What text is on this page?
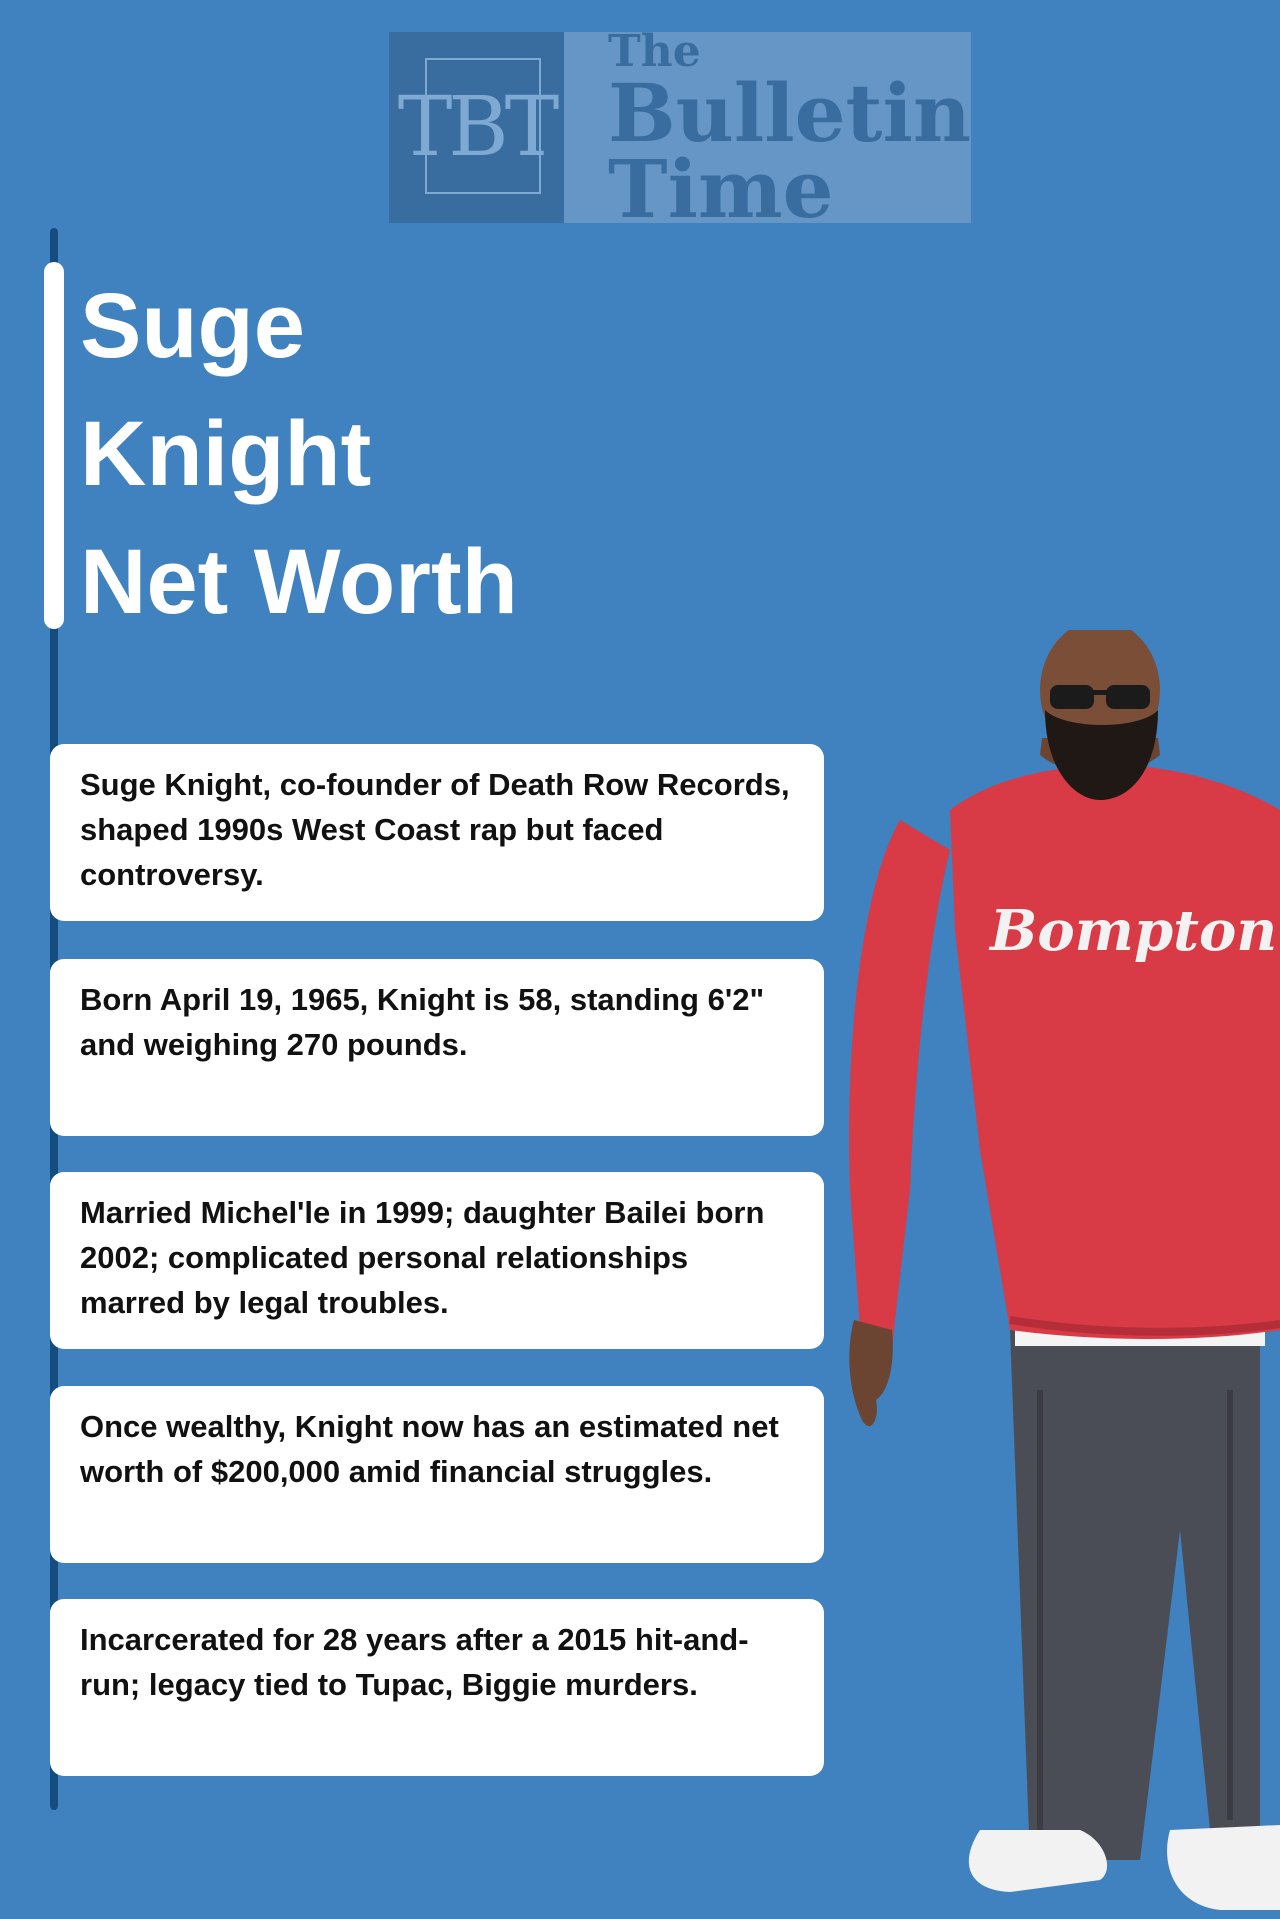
TBT
The
Bulletin
Time
Suge
Knight
Net Worth

Suge Knight, co-founder of Death Row Records, shaped 1990s West Coast rap but faced controversy.

Born April 19, 1965, Knight is 58, standing 6'2" and weighing 270 pounds.

Married Michel'le in 1999; daughter Bailei born 2002; complicated personal relationships marred by legal troubles.

Once wealthy, Knight now has an estimated net worth of $200,000 amid financial struggles.

Incarcerated for 28 years after a 2015 hit-and-run; legacy tied to Tupac, Biggie murders.

Bompton
